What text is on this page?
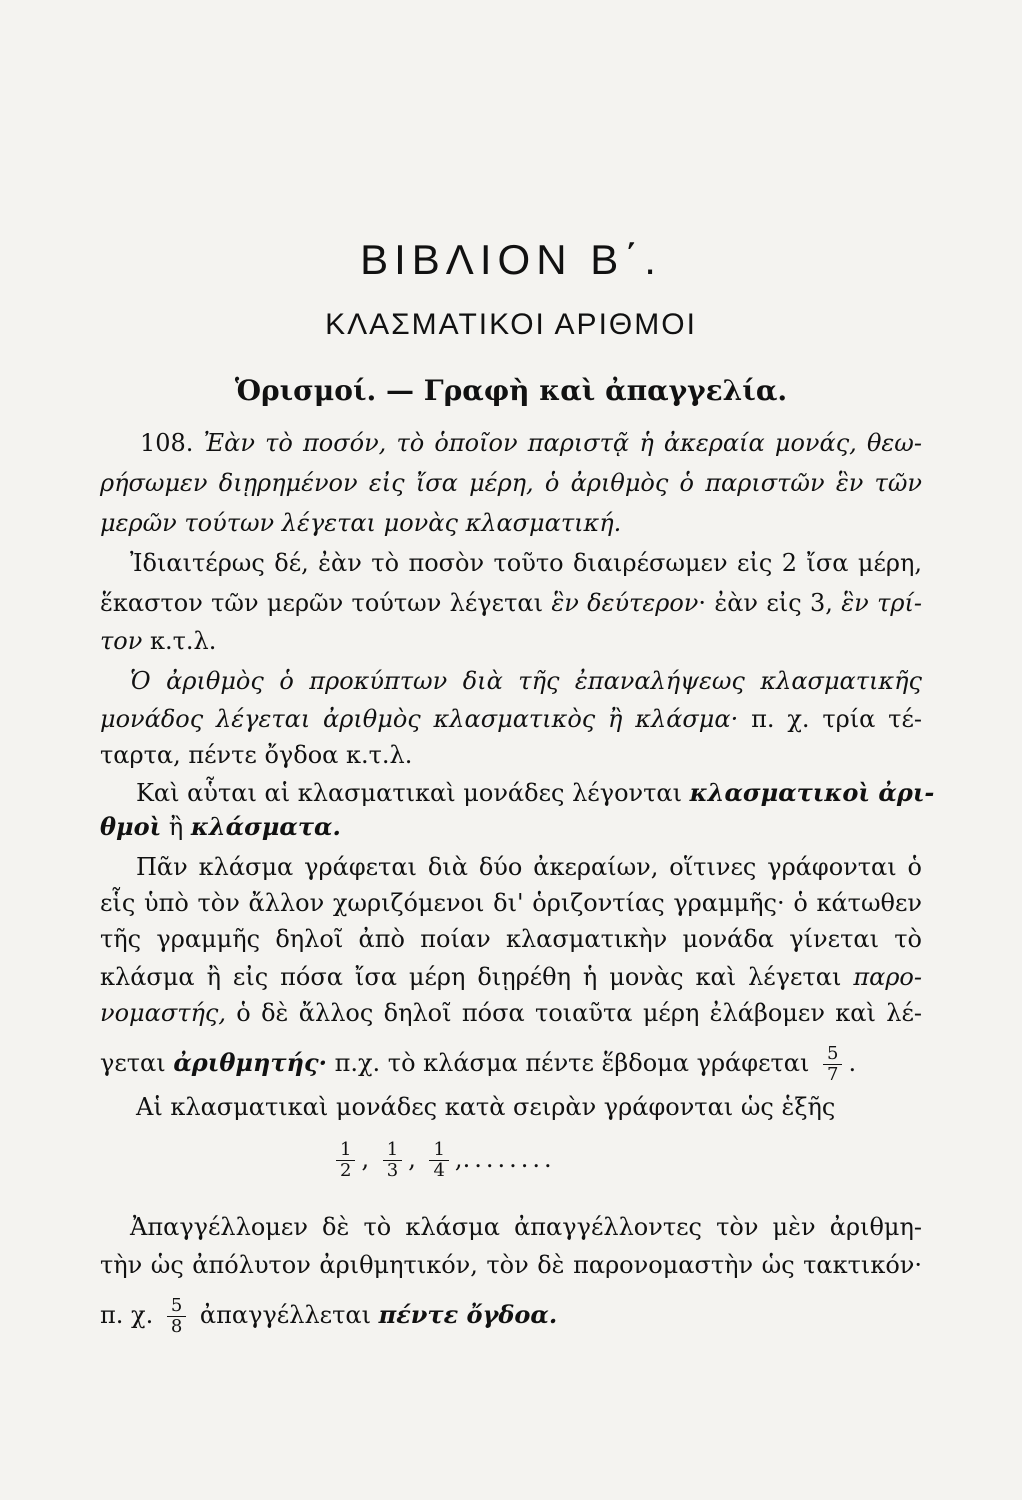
ΒΙΒΛΙΟΝ Β΄.
ΚΛΑΣΜΑΤΙΚΟΙ ΑΡΙΘΜΟΙ
Ὁρισμοί. — Γραφὴ καὶ ἀπαγγελία.
108. Ἐὰν τὸ ποσόν, τὸ ὁποῖον παριστᾷ ἡ ἀκεραία μονάς, θεω-
ρήσωμεν διῃρημένον εἰς ἴσα μέρη, ὁ ἀριθμὸς ὁ παριστῶν ἓν τῶν
μερῶν τούτων λέγεται μονὰς κλασματική.
Ἰδιαιτέρως δέ, ἐὰν τὸ ποσὸν τοῦτο διαιρέσωμεν εἰς 2 ἴσα μέρη,
ἕκαστον τῶν μερῶν τούτων λέγεται ἓν δεύτερον· ἐὰν εἰς 3, ἓν τρί-
τον κ.τ.λ.
Ὁ ἀριθμὸς ὁ προκύπτων διὰ τῆς ἐπαναλήψεως κλασματικῆς
μονάδος λέγεται ἀριθμὸς κλασματικὸς ἢ κλάσμα· π. χ. τρία τέ-
ταρτα, πέντε ὄγδοα κ.τ.λ.
Καὶ αὗται αἱ κλασματικαὶ μονάδες λέγονται κλασματικοὶ ἀρι-
θμοὶ ἢ κλάσματα.
Πᾶν κλάσμα γράφεται διὰ δύο ἀκεραίων, οἵτινες γράφονται ὁ
εἷς ὑπὸ τὸν ἄλλον χωριζόμενοι δι' ὁριζοντίας γραμμῆς· ὁ κάτωθεν
τῆς γραμμῆς δηλοῖ ἀπὸ ποίαν κλασματικὴν μονάδα γίνεται τὸ
κλάσμα ἢ εἰς πόσα ἴσα μέρη διῃρέθη ἡ μονὰς καὶ λέγεται παρο-
νομαστής, ὁ δὲ ἄλλος δηλοῖ πόσα τοιαῦτα μέρη ἐλάβομεν καὶ λέ-
γεται ἀριθμητής· π.χ. τὸ κλάσμα πέντε ἕβδομα γράφεται $\frac{5}{7}$ .
Αἱ κλασματικαὶ μονάδες κατὰ σειρὰν γράφονται ὡς ἑξῆς
$\frac{1}{2}$ , $\frac{1}{3}$ , $\frac{1}{4}$ ,........
Ἀπαγγέλλομεν δὲ τὸ κλάσμα ἀπαγγέλλοντες τὸν μὲν ἀριθμη-
τὴν ὡς ἀπόλυτον ἀριθμητικόν, τὸν δὲ παρονομαστὴν ὡς τακτικόν·
π. χ. $\frac{5}{8}$ ἀπαγγέλλεται πέντε ὄγδοα.
